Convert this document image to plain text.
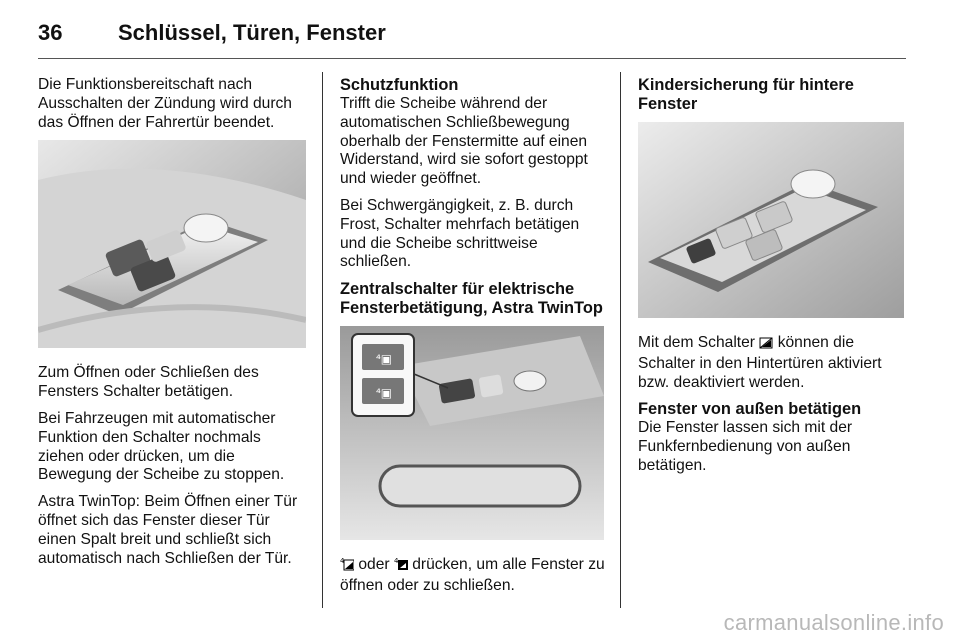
36	Schlüssel, Türen, Fenster

Die Funktionsbereitschaft nach Ausschalten der Zündung wird durch das Öffnen der Fahrertür beendet.

Zum Öffnen oder Schließen des Fensters Schalter betätigen.

Bei Fahrzeugen mit automatischer Funktion den Schalter nochmals ziehen oder drücken, um die Bewegung der Scheibe zu stoppen.

Astra TwinTop: Beim Öffnen einer Tür öffnet sich das Fenster dieser Tür einen Spalt breit und schließt sich automatisch nach Schließen der Tür.

Schutzfunktion

Trifft die Scheibe während der automatischen Schließbewegung oberhalb der Fenstermitte auf einen Widerstand, wird sie sofort gestoppt und wieder geöffnet.

Bei Schwergängigkeit, z. B. durch Frost, Schalter mehrfach betätigen und die Scheibe schrittweise schließen.

Zentralschalter für elektrische Fensterbetätigung, Astra TwinTop
⁴▣
⁴▣

4 oder 4 drücken, um alle Fenster zu öffnen oder zu schließen.

Kindersicherung für hintere Fenster

Mit dem Schalter können die Schalter in den Hintertüren aktiviert bzw. deaktiviert werden.

Fenster von außen betätigen

Die Fenster lassen sich mit der Funkfernbedienung von außen betätigen.

carmanualsonline.info
